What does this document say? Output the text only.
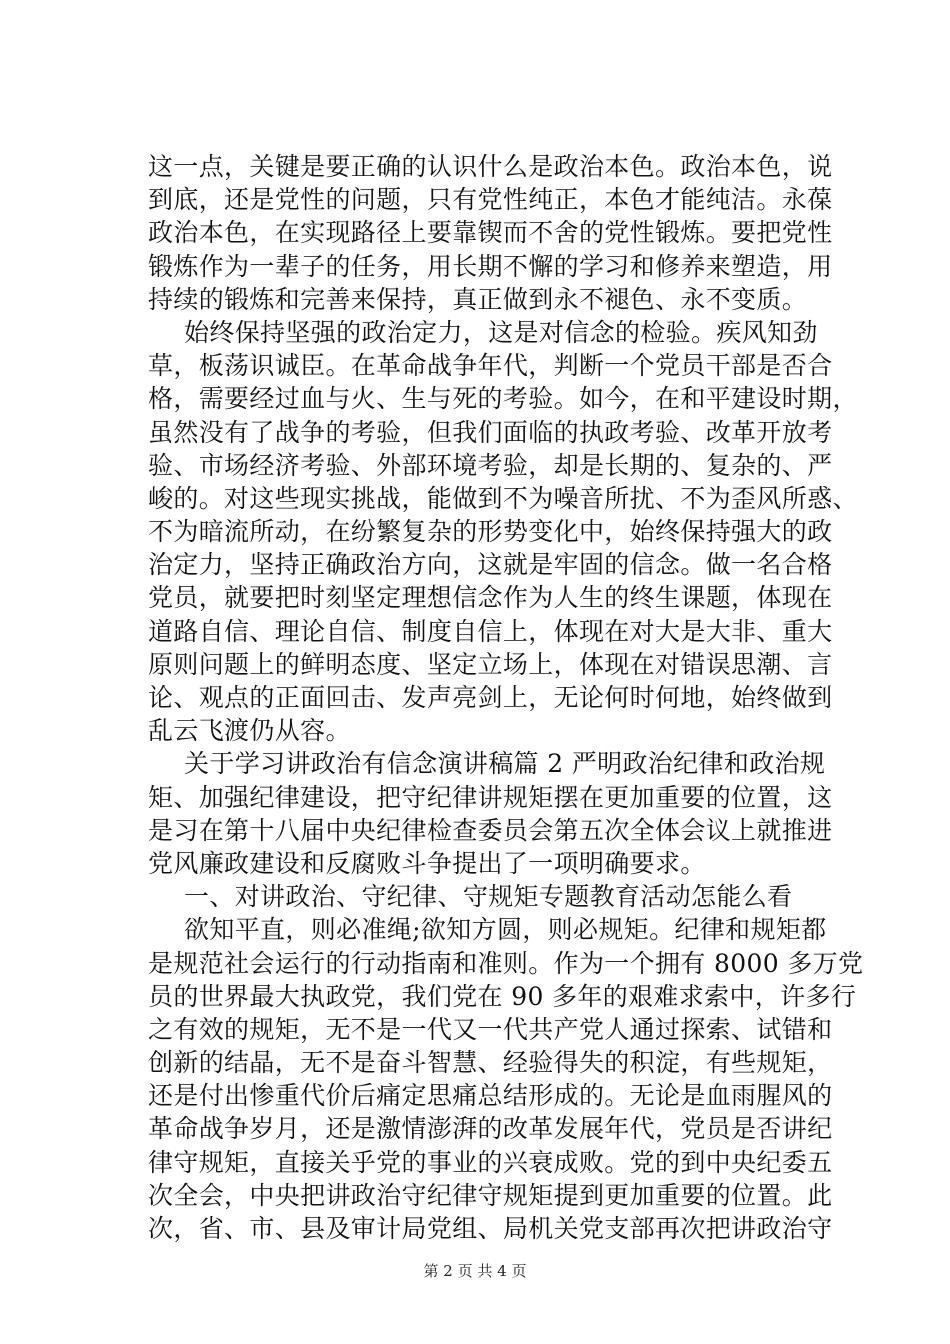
这一点，关键是要正确的认识什么是政治本色。政治本色，说
到底，还是党性的问题，只有党性纯正，本色才能纯洁。永葆
政治本色，在实现路径上要靠锲而不舍的党性锻炼。要把党性
锻炼作为一辈子的任务，用长期不懈的学习和修养来塑造，用
持续的锻炼和完善来保持，真正做到永不褪色、永不变质。
始终保持坚强的政治定力，这是对信念的检验。疾风知劲
草，板荡识诚臣。在革命战争年代，判断一个党员干部是否合
格，需要经过血与火、生与死的考验。如今，在和平建设时期，
虽然没有了战争的考验，但我们面临的执政考验、改革开放考
验、市场经济考验、外部环境考验，却是长期的、复杂的、严
峻的。对这些现实挑战，能做到不为噪音所扰、不为歪风所惑、
不为暗流所动，在纷繁复杂的形势变化中，始终保持强大的政
治定力，坚持正确政治方向，这就是牢固的信念。做一名合格
党员，就要把时刻坚定理想信念作为人生的终生课题，体现在
道路自信、理论自信、制度自信上，体现在对大是大非、重大
原则问题上的鲜明态度、坚定立场上，体现在对错误思潮、言
论、观点的正面回击、发声亮剑上，无论何时何地，始终做到
乱云飞渡仍从容。
关于学习讲政治有信念演讲稿篇 2 严明政治纪律和政治规
矩、加强纪律建设，把守纪律讲规矩摆在更加重要的位置，这
是习在第十八届中央纪律检查委员会第五次全体会议上就推进
党风廉政建设和反腐败斗争提出了一项明确要求。
一、对讲政治、守纪律、守规矩专题教育活动怎能么看
欲知平直，则必准绳;欲知方圆，则必规矩。纪律和规矩都
是规范社会运行的行动指南和准则。作为一个拥有 8000 多万党
员的世界最大执政党，我们党在 90 多年的艰难求索中，许多行
之有效的规矩，无不是一代又一代共产党人通过探索、试错和
创新的结晶，无不是奋斗智慧、经验得失的积淀，有些规矩，
还是付出惨重代价后痛定思痛总结形成的。无论是血雨腥风的
革命战争岁月，还是激情澎湃的改革发展年代，党员是否讲纪
律守规矩，直接关乎党的事业的兴衰成败。党的到中央纪委五
次全会，中央把讲政治守纪律守规矩提到更加重要的位置。此
次，省、市、县及审计局党组、局机关党支部再次把讲政治守
第 2 页 共 4 页
